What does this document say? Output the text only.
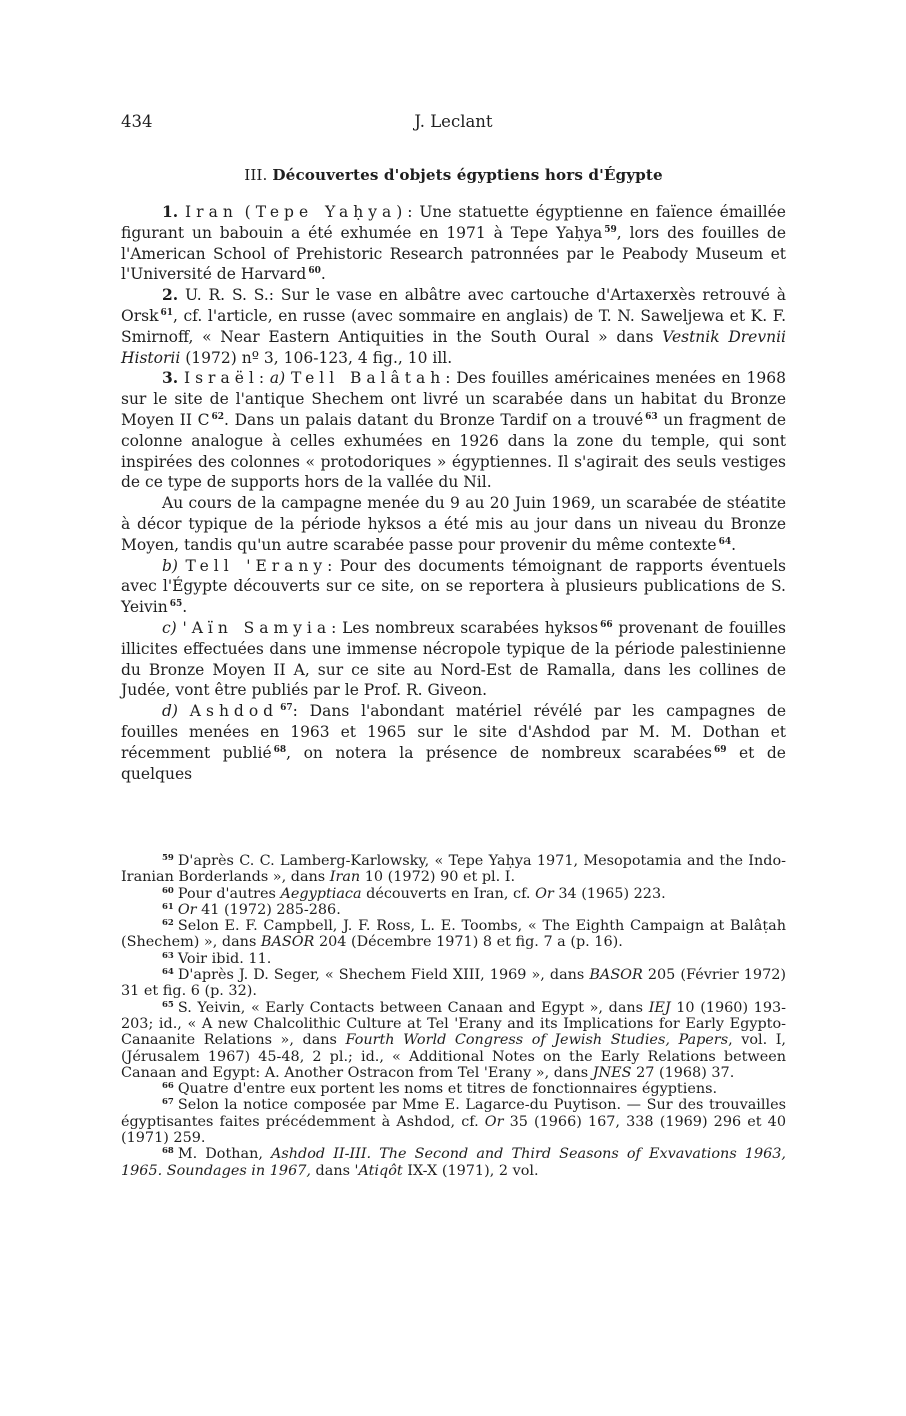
434	J. Leclant
III. Découvertes d'objets égyptiens hors d'Égypte

1. Iran (Tepe Yaḥya): Une statuette égyptienne en faïence émaillée figurant un babouin a été exhumée en 1971 à Tepe Yaḥya $^{59}$, lors des fouilles de l'American School of Prehistoric Research patronnées par le Peabody Museum et l'Université de Harvard $^{60}$.

2. U. R. S. S.: Sur le vase en albâtre avec cartouche d'Artaxerxès retrouvé à Orsk $^{61}$, cf. l'article, en russe (avec sommaire en anglais) de T. N. Saweljewa et K. F. Smirnoff, « Near Eastern Antiquities in the South Oural » dans Vestnik Drevnii Historii (1972) nº 3, 106-123, 4 fig., 10 ill.

3. Israël: a) Tell Balâtah: Des fouilles américaines menées en 1968 sur le site de l'antique Shechem ont livré un scarabée dans un habitat du Bronze Moyen II C $^{62}$. Dans un palais datant du Bronze Tardif on a trouvé $^{63}$ un fragment de colonne analogue à celles exhumées en 1926 dans la zone du temple, qui sont inspirées des colonnes « protodoriques » égyptiennes. Il s'agirait des seuls vestiges de ce type de supports hors de la vallée du Nil.

Au cours de la campagne menée du 9 au 20 Juin 1969, un scarabée de stéatite à décor typique de la période hyksos a été mis au jour dans un niveau du Bronze Moyen, tandis qu'un autre scarabée passe pour provenir du même contexte $^{64}$.

b) Tell 'Erany: Pour des documents témoignant de rapports éventuels avec l'Égypte découverts sur ce site, on se reportera à plusieurs publications de S. Yeivin $^{65}$.

c) 'Aïn Samyia: Les nombreux scarabées hyksos $^{66}$ provenant de fouilles illicites effectuées dans une immense nécropole typique de la période palestinienne du Bronze Moyen II A, sur ce site au Nord-Est de Ramalla, dans les collines de Judée, vont être publiés par le Prof. R. Giveon.

d) Ashdod $^{67}$: Dans l'abondant matériel révélé par les campagnes de fouilles menées en 1963 et 1965 sur le site d'Ashdod par M. M. Dothan et récemment publié $^{68}$, on notera la présence de nombreux scarabées $^{69}$ et de quelques

$^{59}$ D'après C. C. Lamberg-Karlowsky, « Tepe Yaḥya 1971, Mesopotamia and the Indo-Iranian Borderlands », dans Iran 10 (1972) 90 et pl. I.

$^{60}$ Pour d'autres Aegyptiaca découverts en Iran, cf. Or 34 (1965) 223.

$^{61}$ Or 41 (1972) 285-286.

$^{62}$ Selon E. F. Campbell, J. F. Ross, L. E. Toombs, « The Eighth Campaign at Balâṭah (Shechem) », dans BASOR 204 (Décembre 1971) 8 et fig. 7 a (p. 16).

$^{63}$ Voir ibid. 11.

$^{64}$ D'après J. D. Seger, « Shechem Field XIII, 1969 », dans BASOR 205 (Février 1972) 31 et fig. 6 (p. 32).

$^{65}$ S. Yeivin, « Early Contacts between Canaan and Egypt », dans IEJ 10 (1960) 193-203; id., « A new Chalcolithic Culture at Tel 'Erany and its Implications for Early Egypto-Canaanite Relations », dans Fourth World Congress of Jewish Studies, Papers, vol. I, (Jérusalem 1967) 45-48, 2 pl.; id., « Additional Notes on the Early Relations between Canaan and Egypt: A. Another Ostracon from Tel 'Erany », dans JNES 27 (1968) 37.

$^{66}$ Quatre d'entre eux portent les noms et titres de fonctionnaires égyptiens.

$^{67}$ Selon la notice composée par Mme E. Lagarce-du Puytison. — Sur des trouvailles égyptisantes faites précédemment à Ashdod, cf. Or 35 (1966) 167, 338 (1969) 296 et 40 (1971) 259.

$^{68}$ M. Dothan, Ashdod II-III. The Second and Third Seasons of Exvavations 1963, 1965. Soundages in 1967, dans 'Atiqôt IX-X (1971), 2 vol.
